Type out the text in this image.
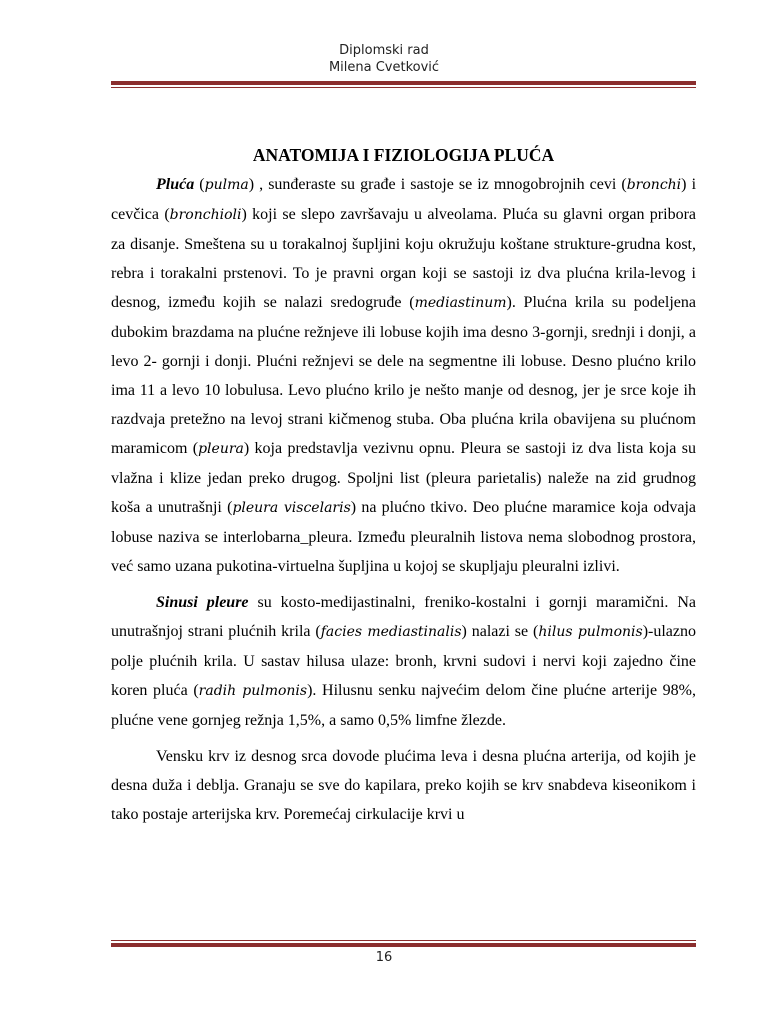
Diplomski rad
Milena Cvetković
ANATOMIJA I FIZIOLOGIJA PLUĆA

Pluća (pulma) , sunđeraste su građe i sastoje se iz mnogobrojnih cevi (bronchi) i cevčica (bronchioli) koji se slepo završavaju u alveolama. Pluća su glavni organ pribora za disanje. Smeštena su u torakalnoj šupljini koju okružuju koštane strukture-grudna kost, rebra i torakalni prstenovi. To je pravni organ koji se sastoji iz dva plućna krila-levog i desnog, između kojih se nalazi sredogruđe (mediastinum). Plućna krila su podeljena dubokim brazdama na plućne režnjeve ili lobuse kojih ima desno 3-gornji, srednji i donji, a levo 2- gornji i donji. Plućni režnjevi se dele na segmentne ili lobuse. Desno plućno krilo ima 11 a levo 10 lobulusa. Levo plućno krilo je nešto manje od desnog, jer je srce koje ih razdvaja pretežno na levoj strani kičmenog stuba. Oba plućna krila obavijena su plućnom maramicom (pleura) koja predstavlja vezivnu opnu. Pleura se sastoji iz dva lista koja su vlažna i klize jedan preko drugog. Spoljni list (pleura parietalis) naleže na zid grudnog koša a unutrašnji (pleura viscelaris) na plućno tkivo. Deo plućne maramice koja odvaja lobuse naziva se interlobarna_pleura. Između pleuralnih listova nema slobodnog prostora, već samo uzana pukotina-virtuelna šupljina u kojoj se skupljaju pleuralni izlivi.

Sinusi pleure su kosto-medijastinalni, freniko-kostalni i gornji maramični. Na unutrašnjoj strani plućnih krila (facies mediastinalis) nalazi se (hilus pulmonis)-ulazno polje plućnih krila. U sastav hilusa ulaze: bronh, krvni sudovi i nervi koji zajedno čine koren pluća (radih pulmonis). Hilusnu senku najvećim delom čine plućne arterije 98%, plućne vene gornjeg režnja 1,5%, a samo 0,5% limfne žlezde.

Vensku krv iz desnog srca dovode plućima leva i desna plućna arterija, od kojih je desna duža i deblja. Granaju se sve do kapilara, preko kojih se krv snabdeva kiseonikom i tako postaje arterijska krv. Poremećaj cirkulacije krvi u

16
